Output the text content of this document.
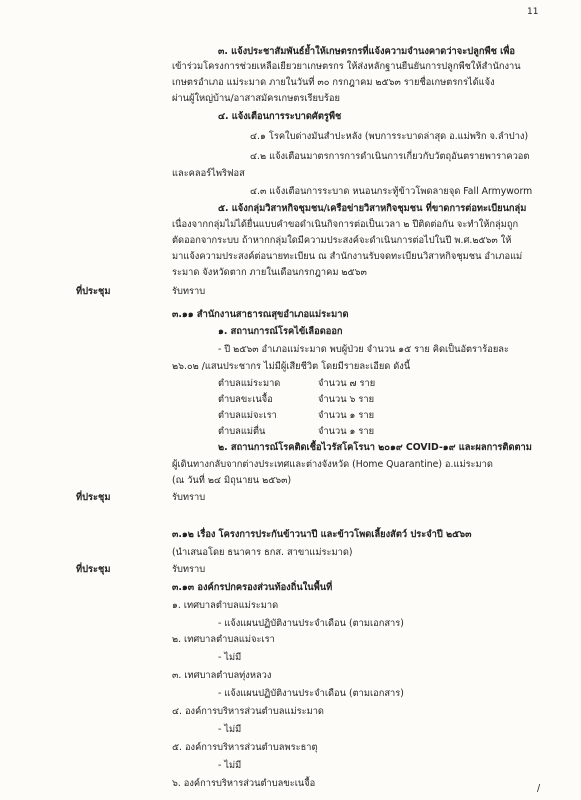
11
๓. แจ้งประชาสัมพันธ์ย้ำให้เกษตรกรที่แจ้งความจำนงคาดว่าจะปลูกพืช เพื่อ
เข้าร่วมโครงการช่วยเหลือเยียวยาเกษตรกร ให้ส่งหลักฐานยืนยันการปลูกพืชให้สำนักงาน
เกษตรอำเภอ แม่ระมาด ภายในวันที่ ๓๐ กรกฎาคม ๒๕๖๓ รายชื่อเกษตรกรได้แจ้ง
ผ่านผู้ใหญ่บ้าน/อาสาสมัครเกษตรเรียบร้อย
๔. แจ้งเตือนการระบาดศัตรูพืช
๔.๑ โรคใบด่างมันสำปะหลัง (พบการระบาดล่าสุด อ.แม่พริก จ.ลำปาง)
๔.๒ แจ้งเตือนมาตรการการดำเนินการเกี่ยวกับวัตถุอันตรายพาราควอต
และคลอร์ไพริฟอส
๔.๓ แจ้งเตือนการระบาด หนอนกระทู้ข้าวโพดลายจุด Fall Armyworm
๕. แจ้งกลุ่มวิสาหกิจชุมชน/เครือข่ายวิสาหกิจชุมชน ที่ขาดการต่อทะเบียนกลุ่ม
เนื่องจากกลุ่มไม่ได้ยื่นแบบคำขอดำเนินกิจการต่อเป็นเวลา ๒ ปีติดต่อกัน จะทำให้กลุ่มถูก
ตัดออกจากระบบ ถ้าหากกลุ่มใดมีความประสงค์จะดำเนินการต่อไปในปี พ.ศ.๒๕๖๓ ให้
มาแจ้งความประสงค์ต่อนายทะเบียน ณ สำนักงานรับจดทะเบียนวิสาหกิจชุมชน อำเภอแม่
ระมาด จังหวัดตาก ภายในเดือนกรกฎาคม ๒๕๖๓
ที่ประชุม	รับทราบ
๓.๑๑ สำนักงานสาธารณสุขอำเภอแม่ระมาด
๑. สถานการณ์โรคไข้เลือดออก
- ปี ๒๕๖๓ อำเภอแม่ระมาด พบผู้ป่วย จำนวน ๑๕ ราย คิดเป็นอัตราร้อยละ
๒๖.๐๒ /แสนประชากร ไม่มีผู้เสียชีวิต โดยมีรายละเอียด ดังนี้
ตำบลแม่ระมาด	จำนวน ๗ ราย
ตำบลขะเนจื้อ	จำนวน ๖ ราย
ตำบลแม่จะเรา	จำนวน ๑ ราย
ตำบลแม่ตื่น	จำนวน ๑ ราย
๒. สถานการณ์โรคติดเชื้อไวรัสโคโรนา ๒๐๑๙ COVID-๑๙ และผลการติดตาม
ผู้เดินทางกลับจากต่างประเทศและต่างจังหวัด (Home Quarantine) อ.แม่ระมาด
(ณ วันที่ ๒๔ มิถุนายน ๒๕๖๓)
ที่ประชุม	รับทราบ
๓.๑๒ เรื่อง โครงการประกันข้าวนาปี และข้าวโพดเลี้ยงสัตว์ ประจำปี ๒๕๖๓
(นำเสนอโดย ธนาคาร ธกส. สาขาแม่ระมาด)
ที่ประชุม	รับทราบ
๓.๑๓ องค์กรปกครองส่วนท้องถิ่นในพื้นที่
๑. เทศบาลตำบลแม่ระมาด
- แจ้งแผนปฏิบัติงานประจำเดือน (ตามเอกสาร)
๒. เทศบาลตำบลแม่จะเรา
- ไม่มี
๓. เทศบาลตำบลทุ่งหลวง
- แจ้งแผนปฏิบัติงานประจำเดือน (ตามเอกสาร)
๔. องค์การบริหารส่วนตำบลแม่ระมาด
- ไม่มี
๕. องค์การบริหารส่วนตำบลพระธาตุ
- ไม่มี
๖. องค์การบริหารส่วนตำบลขะเนจื้อ	/
